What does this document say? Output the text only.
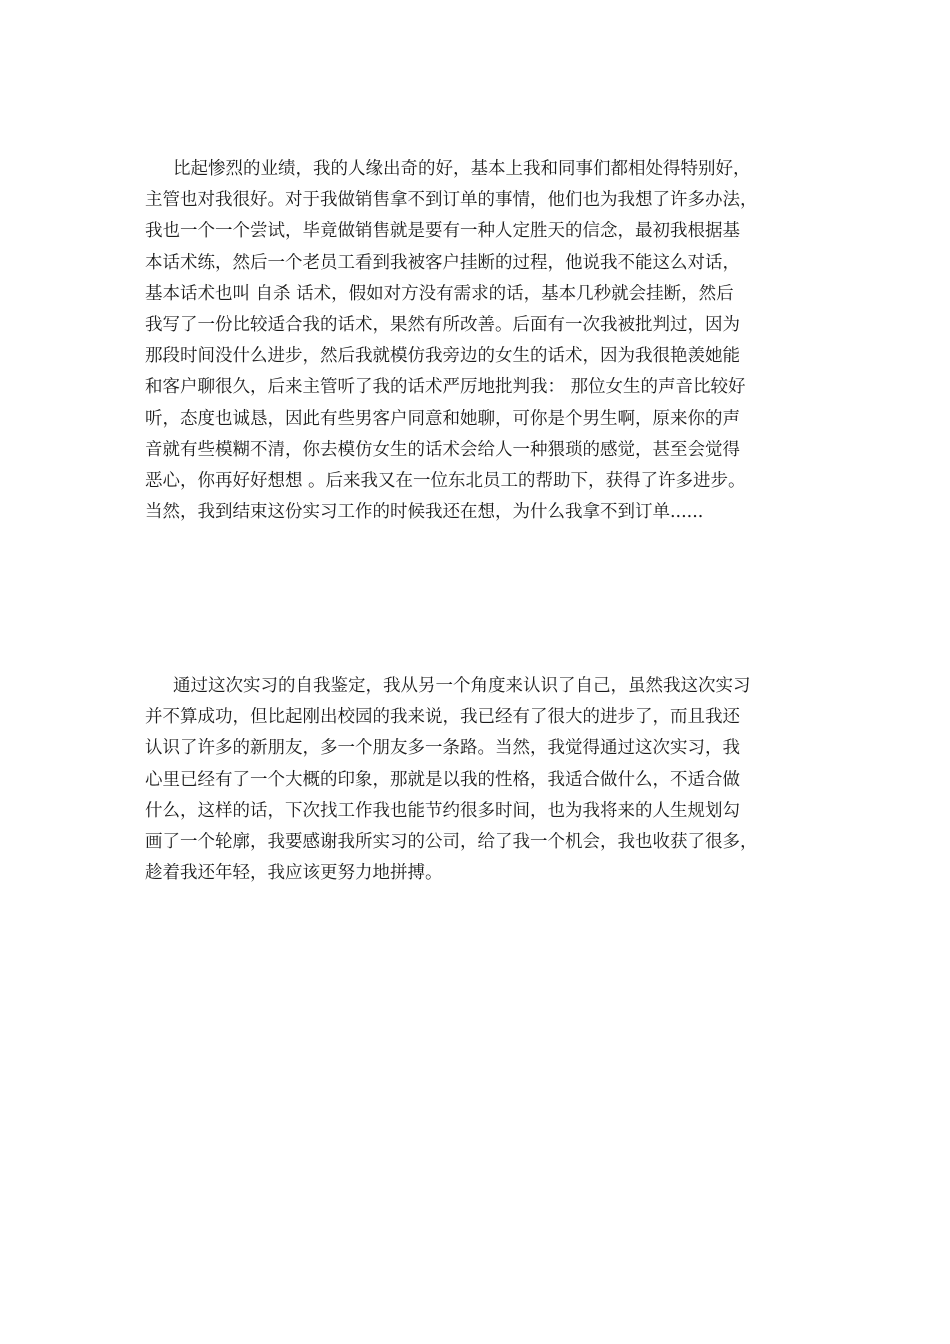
比起惨烈的业绩，我的人缘出奇的好，基本上我和同事们都相处得特别好，
主管也对我很好。对于我做销售拿不到订单的事情，他们也为我想了许多办法，
我也一个一个尝试，毕竟做销售就是要有一种人定胜天的信念，最初我根据基
本话术练，然后一个老员工看到我被客户挂断的过程，他说我不能这么对话，
基本话术也叫 自杀 话术，假如对方没有需求的话，基本几秒就会挂断，然后
我写了一份比较适合我的话术，果然有所改善。后面有一次我被批判过，因为
那段时间没什么进步，然后我就模仿我旁边的女生的话术，因为我很艳羡她能
和客户聊很久，后来主管听了我的话术严厉地批判我： 那位女生的声音比较好
听，态度也诚恳，因此有些男客户同意和她聊，可你是个男生啊，原来你的声
音就有些模糊不清，你去模仿女生的话术会给人一种猥琐的感觉，甚至会觉得
恶心，你再好好想想 。后来我又在一位东北员工的帮助下，获得了许多进步。
当然，我到结束这份实习工作的时候我还在想，为什么我拿不到订单......
通过这次实习的自我鉴定，我从另一个角度来认识了自己，虽然我这次实习
并不算成功，但比起刚出校园的我来说，我已经有了很大的进步了，而且我还
认识了许多的新朋友，多一个朋友多一条路。当然，我觉得通过这次实习，我
心里已经有了一个大概的印象，那就是以我的性格，我适合做什么，不适合做
什么，这样的话，下次找工作我也能节约很多时间，也为我将来的人生规划勾
画了一个轮廓，我要感谢我所实习的公司，给了我一个机会，我也收获了很多，
趁着我还年轻，我应该更努力地拼搏。
